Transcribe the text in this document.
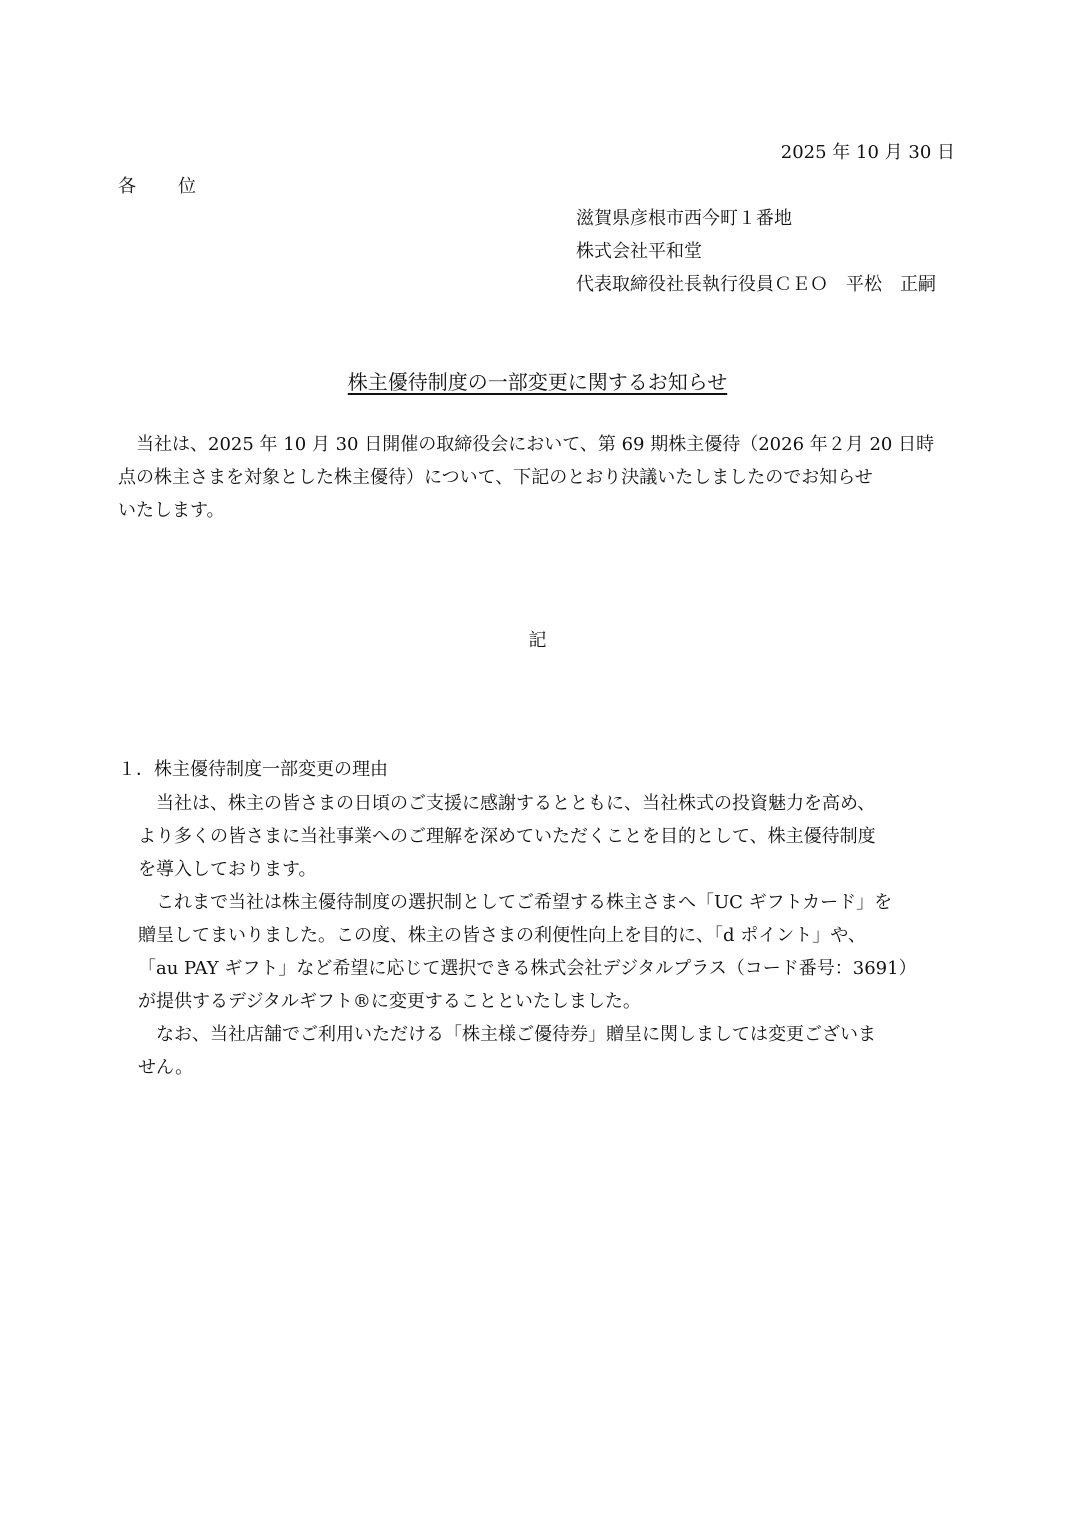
2025 年 10 月 30 日
各　　位
滋賀県彦根市西今町１番地
株式会社平和堂
代表取締役社長執行役員ＣＥＯ　平松　正嗣
株主優待制度の一部変更に関するお知らせ
　当社は、2025 年 10 月 30 日開催の取締役会において、第 69 期株主優待（2026 年２月 20 日時
点の株主さまを対象とした株主優待）について、下記のとおり決議いたしましたのでお知らせ
いたします。
記
１．株主優待制度一部変更の理由
　当社は、株主の皆さまの日頃のご支援に感謝するとともに、当社株式の投資魅力を高め、
より多くの皆さまに当社事業へのご理解を深めていただくことを目的として、株主優待制度
を導入しております。
　これまで当社は株主優待制度の選択制としてご希望する株主さまへ「UC ギフトカード」を
贈呈してまいりました。この度、株主の皆さまの利便性向上を目的に、「d ポイント」や、
「au PAY ギフト」など希望に応じて選択できる株式会社デジタルプラス（コード番号：3691）
が提供するデジタルギフト®に変更することといたしました。
　なお、当社店舗でご利用いただける「株主様ご優待券」贈呈に関しましては変更ございま
せん。
